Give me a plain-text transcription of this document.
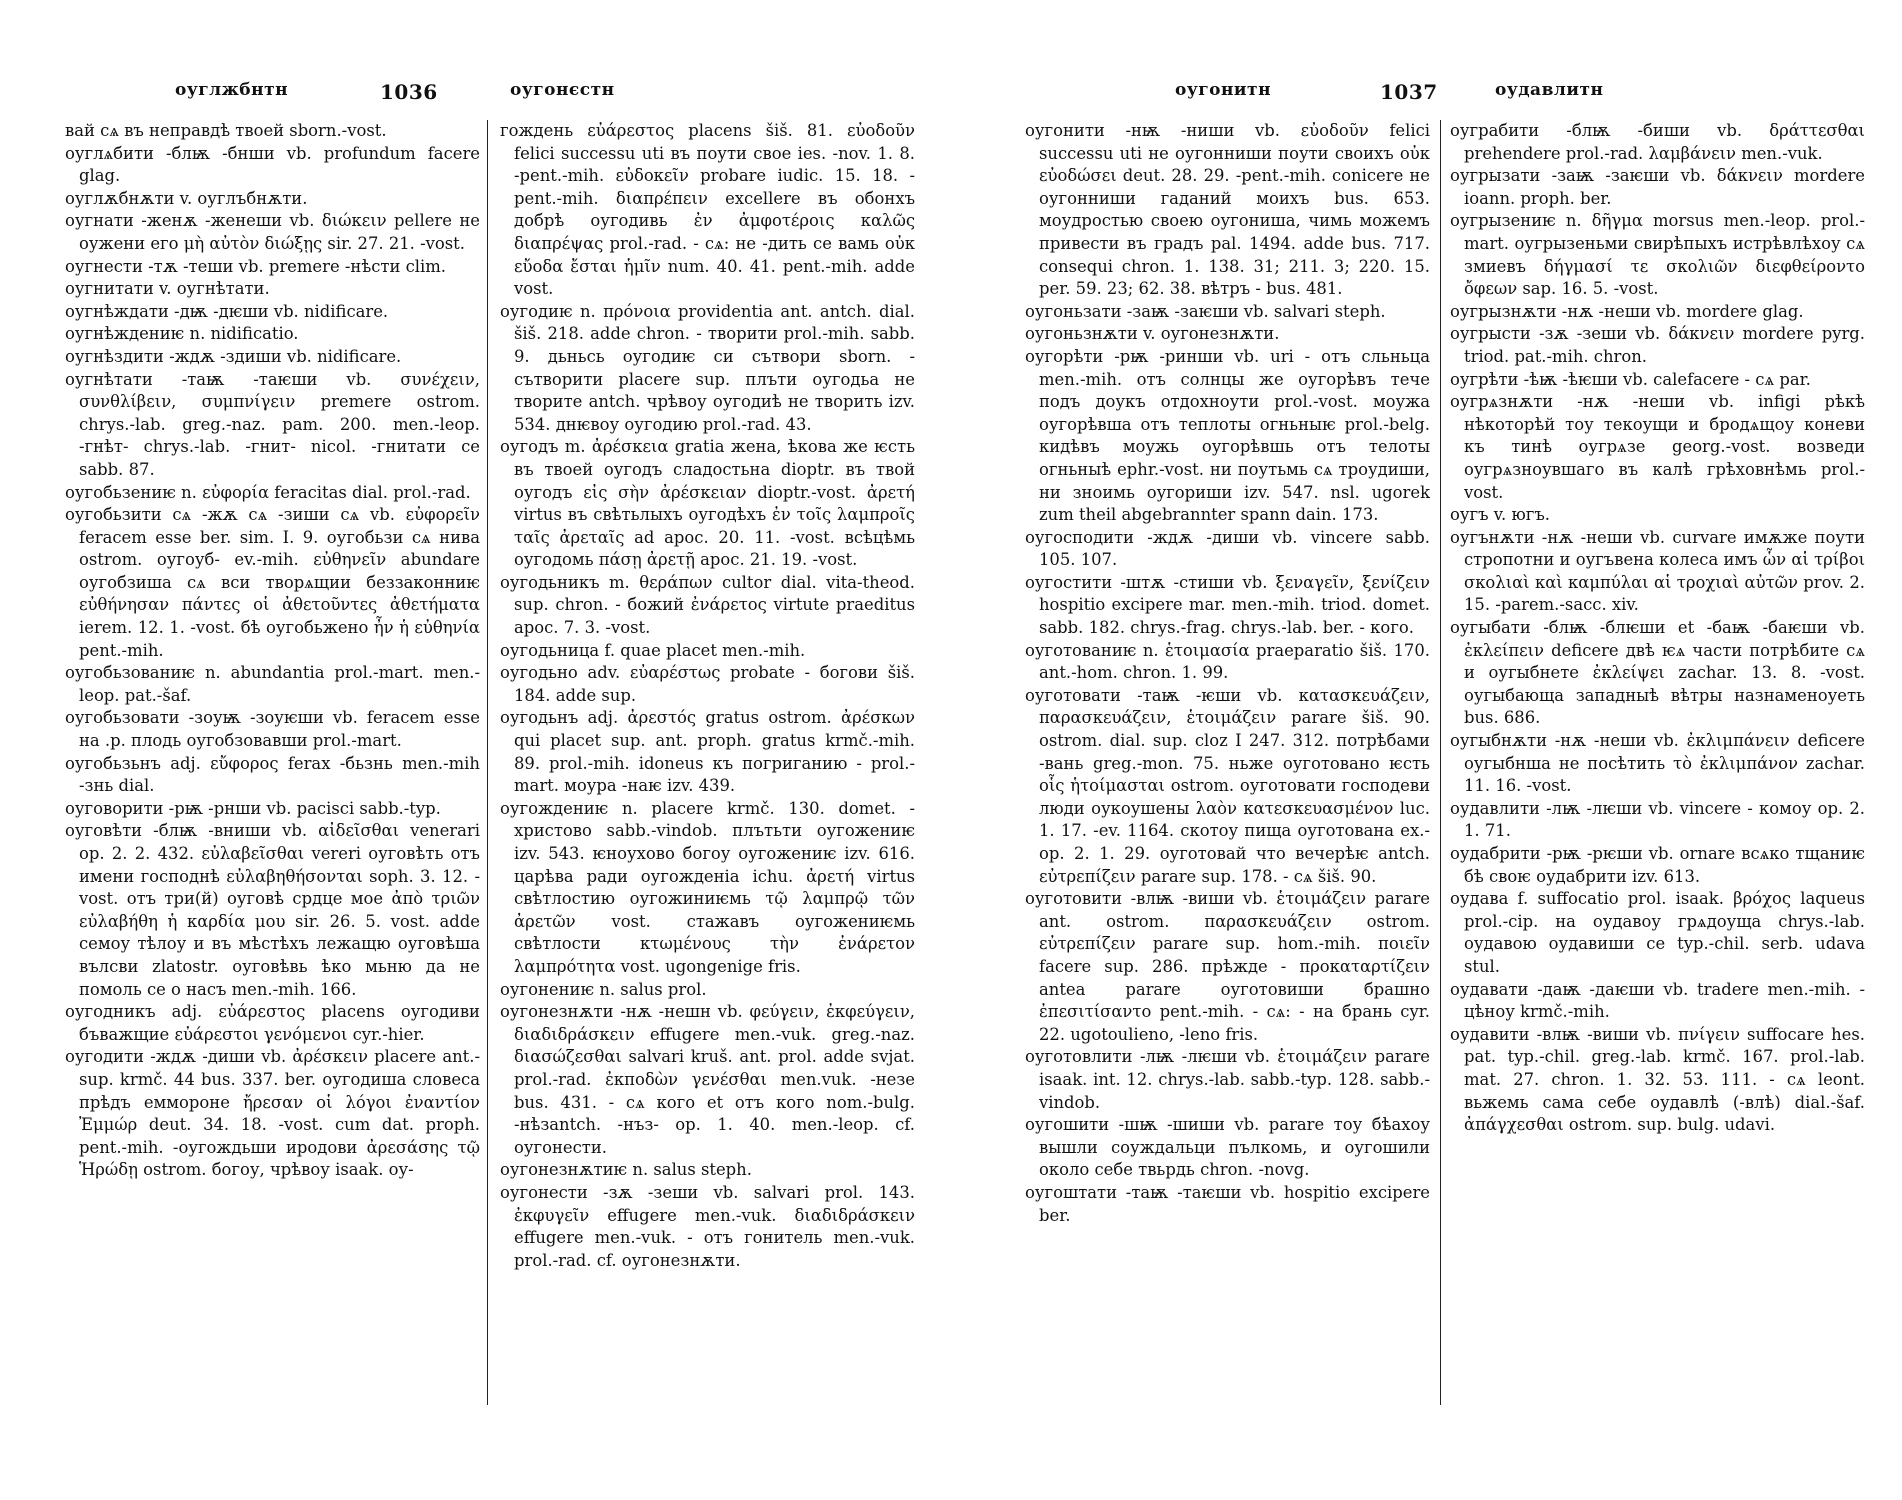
оугл⁠жбнтн	1036	оугонєстн

вай сѧ въ неправдѣ твоей sborn.-vost.

оуглѧбити -блѭ -бнши vb. profundum facere glag.

оуглѫбнѫти v. оуглъбнѫти.

оугнати -женѫ -женеши vb. διώκειν pellere не оужени его μὴ αὐτὸν διώξῃς sir. 27. 21. -vost.

оугнести -тѫ -теши vb. premere -нѣсти clim.

оугнитати v. оугнѣтати.

оугнѣждати -дѭ -дѥши vb. nidificare.

оугнѣждениѥ n. nidificatio.

оугнѣздити -ждѫ -здиши vb. nidificare.

оугнѣтати -таѭ -таѥши vb. συνέχειν, συνθλίβειν, συμπνίγειν premere ostrom. chrys.-lab. greg.-naz. pam. 200. men.-leop. -гнѣт- chrys.-lab. -гнит- nicol. -гнитати се sabb. 87.

оугобьзениѥ n. εὐφορία feracitas dial. prol.-rad.

оугобьзити сѧ -жѫ сѧ -зиши сѧ vb. εὐφορεῖν feracem esse ber. sim. I. 9. оугобьзи сѧ нива ostrom. оугоуб- ev.-mih. εὐθηνεῖν abundare оугобзиша сѧ вси творѧщии беззаконниѥ εὐθήνησαν πάντες οἱ ἀθετοῦντες ἀθετήματα ierem. 12. 1. -vost. бѣ оугобьжено ἦν ἡ εὐθηνία pent.-mih.

оугобьзованиѥ n. abundantia prol.-mart. men.-leop. pat.-šaf.

оугобьзовати -зоуѭ -зоуѥши vb. feracem esse на .р. плодь оугобзовавши prol.-mart.

оугобьзьнъ adj. εὔφορος ferax -бьзнь men.-mih -знь dial.

оуговорити -рѭ -рнши vb. pacisci sabb.-typ.

оуговѣти -блѭ -вниши vb. αἰδεῖσθαι venerari op. 2. 2. 432. εὐλαβεῖσθαι vereri оуговѣть отъ имени господнѣ εὐλαβηθήσονται soph. 3. 12. -vost. отъ три(й) оуговѣ срдце мое ἀπὸ τριῶν εὐλαβήθη ἡ καρδία μου sir. 26. 5. vost. adde семоу тѣлоу и въ мѣстѣхъ лежащю оуговѣша вълсви zlatostr. оуговѣвь ѣко мьню да не помоль се о насъ men.-mih. 166.

оугодникъ adj. εὐάρεστος placens оугодиви бъважщие εὐάρεστοι γενόμενοι cyr.-hier.

оугодити -ждѫ -диши vb. ἀρέσκειν placere ant.-sup. krmč. 44 bus. 337. ber. оугодиша словеса прѣдъ еммороне ἤρεσαν οἱ λόγοι ἐναντίον Ἐμμώρ deut. 34. 18. -vost. cum dat. proph. pent.-mih. -оугождьши иродови ἀρεσάσης τῷ Ἡρώδῃ ostrom. богоу, чрѣвоу isaak. оу-

гождень εὐάρεστος placens šiš. 81. εὐοδοῦν felici successu uti въ поути свое ies. -nov. 1. 8. -pent.-mih. εὐδοκεῖν probare iudic. 15. 18. -pent.-mih. διαπρέπειν excellere въ обонхъ добрѣ оугодивь ἐν ἀμφοτέροις καλῶς διαπρέψας prol.-rad. - сѧ: не -дить се вамь οὐκ εὔοδα ἔσται ἡμῖν num. 40. 41. pent.-mih. adde vost.

оугодиѥ n. πρόνοια providentia ant. antch. dial. šiš. 218. adde chron. - творити prol.-mih. sabb. 9. дьньсь оугодиѥ си сътвори sborn. - сътворити placere sup. плъти оугодьа не творите antch. чрѣвоу оугодиѣ не творить izv. 534. днѥвоу оугодию prol.-rad. 43.

оугодъ m. ἀρέσκεια gratia жена, ѣкова же ѥсть въ твоей оугодъ сладостьна dioptr. въ твой оугодъ εἰς σὴν ἀρέσκειαν dioptr.-vost. ἀρετή virtus въ свѣтьлыхъ оугодѣхъ ἐν τοῖς λαμπροῖς ταῖς ἀρεταῖς ad apoc. 20. 11. -vost. всѣцѣмь оугодомь πάσῃ ἀρετῇ apoc. 21. 19. -vost.

оугодьникъ m. θεράπων cultor dial. vita-theod. sup. chron. - божий ἐνάρετος virtute praeditus apoc. 7. 3. -vost.

оугодьница f. quae placet men.-mih.

оугодьно adv. εὐαρέστως probate - богови šiš. 184. adde sup.

оугодьнъ adj. ἀρεστός gratus ostrom. ἀρέσκων qui placet sup. ant. proph. gratus krmč.-mih. 89. prol.-mih. idoneus къ погриганию - prol.-mart. моура -наѥ izv. 439.

оугождениѥ n. placere krmč. 130. domet. - христово sabb.-vindob. плътьти оугожениѥ izv. 543. ѥноухово богоу оугожениѥ izv. 616. царѣва ради оугожденіа ichu. ἀρετή virtus свѣтлостию оугожиниѥмь τῷ λαμπρῷ τῶν ἀρετῶν vost. стажавъ оугожениѥмь свѣтлости κτωμένους τὴν ἐνάρετον λαμπρότητα vost. ugongenige fris.

оугонениѥ n. salus prol.

оугонезнѫти -нѫ -нешн vb. φεύγειν, ἐκφεύγειν, διαδιδράσκειν effugere men.-vuk. greg.-naz. διασώζεσθαι salvari kruš. ant. prol. adde svjat. prol.-rad. ἐκποδὼν γενέσθαι men.vuk. -незе bus. 431. - сѧ кого et отъ кого nom.-bulg. -нѣзantch. -нъз- op. 1. 40. men.-leop. cf. оугонести.

оугонезнѫтиѥ n. salus steph.

оугонести -зѫ -зеши vb. salvari prol. 143. ἐκφυγεῖν effugere men.-vuk. διαδιδράσκειν effugere men.-vuk. - отъ гонитель men.-vuk. prol.-rad. cf. оугонезнѫти.

оугонитн	1037	оудавлитн

оугонити -нѭ -ниши vb. εὐοδοῦν felici successu uti не оугонниши поути своихъ οὐκ εὐοδώσει deut. 28. 29. -pent.-mih. conicere не оугонниши гаданий моихъ bus. 653. моудростью своею оугониша, чимь можемъ привести въ градъ pal. 1494. adde bus. 717. consequi chron. 1. 138. 31; 211. 3; 220. 15. per. 59. 23; 62. 38. вѣтръ - bus. 481.

оугоньзати -заѭ -заѥши vb. salvari steph.

оугоньзнѫти v. оугонезнѫти.

оугорѣти -рѭ -ринши vb. uri - отъ сльньца men.-mih. отъ солнцы же оугорѣвъ тече подъ доукъ отдохноути prol.-vost. моужа оугорѣвша отъ теплоты огньныѥ prol.-belg. кидѣвъ моужь оугорѣвшь отъ телоты огньныѣ ephr.-vost. ни поутьмь сѧ троудиши, ни зноимь оугориши izv. 547. nsl. ugorek zum theil abgebrannter spann dain. 173.

оугосподити -ждѫ -диши vb. vincere sabb. 105. 107.

оугостити -штѫ -стиши vb. ξεναγεῖν, ξενίζειν hospitio excipere mar. men.-mih. triod. domet. sabb. 182. chrys.-frag. chrys.-lab. ber. - кого.

оуготованиѥ n. ἑτοιμασία praeparatio šiš. 170. ant.-hom. chron. 1. 99.

оуготовати -таѭ -ѥши vb. κατασκευάζειν, παρασκευάζειν, ἑτοιμάζειν parare šiš. 90. ostrom. dial. sup. cloz I 247. 312. потрѣбами -вань greg.-mon. 75. ньже оуготовано ѥсть οἷς ἡτοίμασται ostrom. оуготовати господеви люди оукоушены λαὸν κατεσκευασμένον luc. 1. 17. -ev. 1164. скотоу пища оуготована ex.-op. 2. 1. 29. оуготовай что вечерѣѥ antch. εὐτρεπίζειν parare sup. 178. - сѧ šiš. 90.

оуготовити -влѭ -виши vb. ἑτοιμάζειν parare ant. ostrom. παρασκευάζειν ostrom. εὐτρεπίζειν parare sup. hom.-mih. ποιεῖν facere sup. 286. прѣжде - προκαταρτίζειν antea parare оуготовиши брашно ἐπεσιτίσαντο pent.-mih. - сѧ: - на брань cyr. 22. ugotoulieno, -leno fris.

оуготовлити -лѭ -лѥши vb. ἑτοιμάζειν parare isaak. int. 12. chrys.-lab. sabb.-typ. 128. sabb.-vindob.

оугошити -шѭ -шиши vb. parare тоу бѣахоу вышли соуждальци пълкомь, и оугошили около себе твьрдь chron. -novg.

оугоштати -таѭ -таѥши vb. hospitio excipere ber.

оуграбити -блѭ -биши vb. δράττεσθαι prehendere prol.-rad. λαμβάνειν men.-vuk.

оугрызати -заѭ -заѥши vb. δάκνειν mordere ioann. proph. ber.

оугрызениѥ n. δῆγμα morsus men.-leop. prol.-mart. оугрызеньми свирѣпыхъ истрѣвлѣхоу сѧ змиевъ δήγμασί τε σκολιῶν διεφθείροντο ὄφεων sap. 16. 5. -vost.

оугрызнѫти -нѫ -неши vb. mordere glag.

оугрысти -зѫ -зеши vb. δάκνειν mordere pyrg. triod. pat.-mih. chron.

оугрѣти -ѣѭ -ѣѥши vb. calefacere - сѧ par.

оугрѧзнѫти -нѫ -неши vb. infigi рѣкѣ нѣкоторѣй тоу текоущи и бродѧщоу коневи къ тинѣ оугрѧзе georg.-vost. возведи оугрѧзноувшаго въ калѣ грѣховнѣмь prol.-vost.

оугъ v. югъ.

оугънѫти -нѫ -неши vb. curvare имѫже поути стропотни и оугъвена колеса имъ ὧν αἱ τρίβοι σκολιαὶ καὶ καμπύλαι αἱ τροχιαὶ αὐτῶν prov. 2. 15. -parem.-sacc. xiv.

оугыбати -блѭ -блѥши et -баѭ -баѥши vb. ἐκλείπειν deficere двѣ ѥѧ части потрѣбите сѧ и оугыбнете ἐκλείψει zachar. 13. 8. -vost. оугыбающа западныѣ вѣтры назнаменоуеть bus. 686.

оугыбнѫти -нѫ -неши vb. ἐκλιμπάνειν deficere оугыбнша не посѣтить τὸ ἐκλιμπάνον zachar. 11. 16. -vost.

оудавлити -лѭ -лѥши vb. vincere - комоу op. 2. 1. 71.

оудабрити -рѭ -рѥши vb. ornare всѧко тщаниѥ бѣ своѥ оудабрити izv. 613.

оудава f. suffocatio prol. isaak. βρόχος laqueus prol.-cip. на оудавоу грѧдоуща chrys.-lab. оудавою оудавиши се typ.-chil. serb. udava stul.

оудавати -даѭ -даѥши vb. tradere men.-mih. - цѣноу krmč.-mih.

оудавити -влѭ -виши vb. πνίγειν suffocare hes. pat. typ.-chil. greg.-lab. krmč. 167. prol.-lab. mat. 27. chron. 1. 32. 53. 111. - сѧ leont. вьжемь сама себе оудавлѣ (-влѣ) dial.-šaf. ἀπάγχεσθαι ostrom. sup. bulg. udavi.
